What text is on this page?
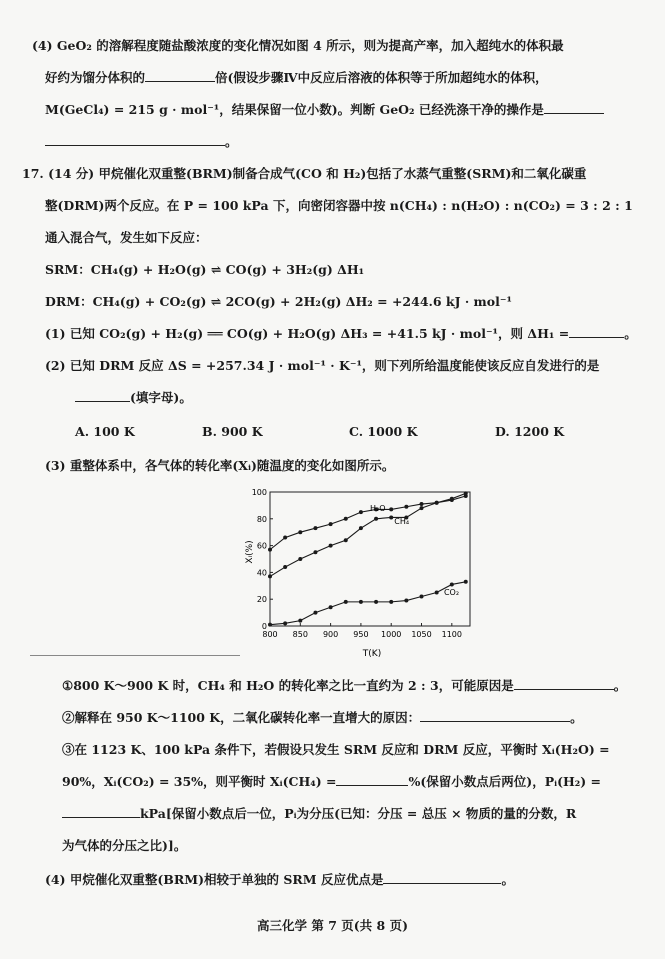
(4) GeO₂ 的溶解程度随盐酸浓度的变化情况如图 4 所示，则为提高产率，加入超纯水的体积最
好约为馏分体积的	倍(假设步骤Ⅳ中反应后溶液的体积等于所加超纯水的体积，
M(GeCl₄) = 215 g · mol⁻¹，结果保留一位小数)。判断 GeO₂ 已经洗涤干净的操作是
。
17. (14 分) 甲烷催化双重整(BRM)制备合成气(CO 和 H₂)包括了水蒸气重整(SRM)和二氧化碳重
整(DRM)两个反应。在 P = 100 kPa 下，向密闭容器中按 n(CH₄) : n(H₂O) : n(CO₂) = 3 : 2 : 1
通入混合气，发生如下反应：
SRM：CH₄(g) + H₂O(g) ⇌ CO(g) + 3H₂(g) ΔH₁
DRM：CH₄(g) + CO₂(g) ⇌ 2CO(g) + 2H₂(g) ΔH₂ = +244.6 kJ · mol⁻¹
(1) 已知 CO₂(g) + H₂(g) ══ CO(g) + H₂O(g) ΔH₃ = +41.5 kJ · mol⁻¹，则 ΔH₁ =	。
(2) 已知 DRM 反应 ΔS = +257.34 J · mol⁻¹ · K⁻¹，则下列所给温度能使该反应自发进行的是
(填字母)。
A. 100 K	B. 900 K	C. 1000 K	D. 1200 K
(3) 重整体系中，各气体的转化率(Xᵢ)随温度的变化如图所示。
H₂O
CH₄
CO₂
800 850 900 950 1000 1050 1100
0
20
40
60
80
100
Xᵢ(%)
T(K)
①800 K～900 K 时，CH₄ 和 H₂O 的转化率之比一直约为 2 : 3，可能原因是	。
②解释在 950 K～1100 K，二氧化碳转化率一直增大的原因：	。
③在 1123 K、100 kPa 条件下，若假设只发生 SRM 反应和 DRM 反应，平衡时 Xᵢ(H₂O) =
90%，Xᵢ(CO₂) = 35%，则平衡时 Xᵢ(CH₄) =	%(保留小数点后两位)，Pᵢ(H₂) =
kPa[保留小数点后一位，Pᵢ为分压(已知：分压 = 总压 × 物质的量的分数，R
为气体的分压之比)]。
(4) 甲烷催化双重整(BRM)相较于单独的 SRM 反应优点是	。
高三化学 第 7 页(共 8 页)
